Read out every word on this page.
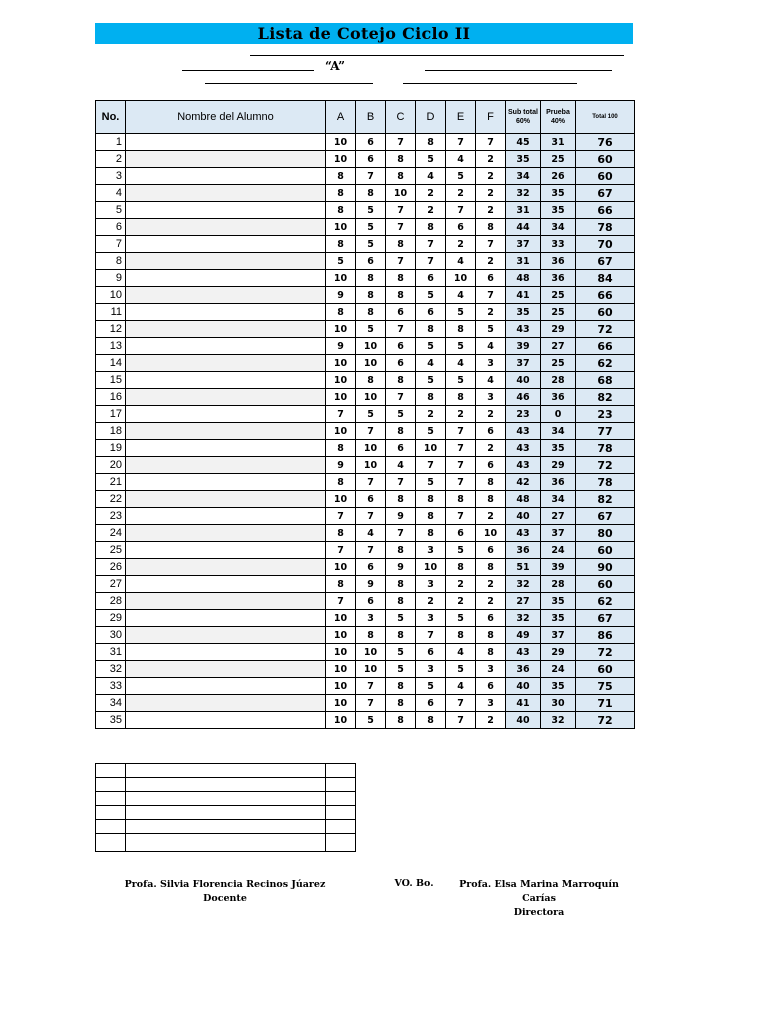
Lista de Cotejo Ciclo II
“A”
No.	Nombre del Alumno	A	B	C	D	E	F	Sub total 60%	Prueba 40%	Total 100
1		10	6	7	8	7	7	45	31	76
2		10	6	8	5	4	2	35	25	60
3		8	7	8	4	5	2	34	26	60
4		8	8	10	2	2	2	32	35	67
5		8	5	7	2	7	2	31	35	66
6		10	5	7	8	6	8	44	34	78
7		8	5	8	7	2	7	37	33	70
8		5	6	7	7	4	2	31	36	67
9		10	8	8	6	10	6	48	36	84
10		9	8	8	5	4	7	41	25	66
11		8	8	6	6	5	2	35	25	60
12		10	5	7	8	8	5	43	29	72
13		9	10	6	5	5	4	39	27	66
14		10	10	6	4	4	3	37	25	62
15		10	8	8	5	5	4	40	28	68
16		10	10	7	8	8	3	46	36	82
17		7	5	5	2	2	2	23	0	23
18		10	7	8	5	7	6	43	34	77
19		8	10	6	10	7	2	43	35	78
20		9	10	4	7	7	6	43	29	72
21		8	7	7	5	7	8	42	36	78
22		10	6	8	8	8	8	48	34	82
23		7	7	9	8	7	2	40	27	67
24		8	4	7	8	6	10	43	37	80
25		7	7	8	3	5	6	36	24	60
26		10	6	9	10	8	8	51	39	90
27		8	9	8	3	2	2	32	28	60
28		7	6	8	2	2	2	27	35	62
29		10	3	5	3	5	6	32	35	67
30		10	8	8	7	8	8	49	37	86
31		10	10	5	6	4	8	43	29	72
32		10	10	5	3	5	3	36	24	60
33		10	7	8	5	4	6	40	35	75
34		10	7	8	6	7	3	41	30	71
35		10	5	8	8	7	2	40	32	72

Profa. Silvia Florencia Recinos Júarez
Docente
VO. Bo.	Profa. Elsa Marina Marroquín Carías
Directora
